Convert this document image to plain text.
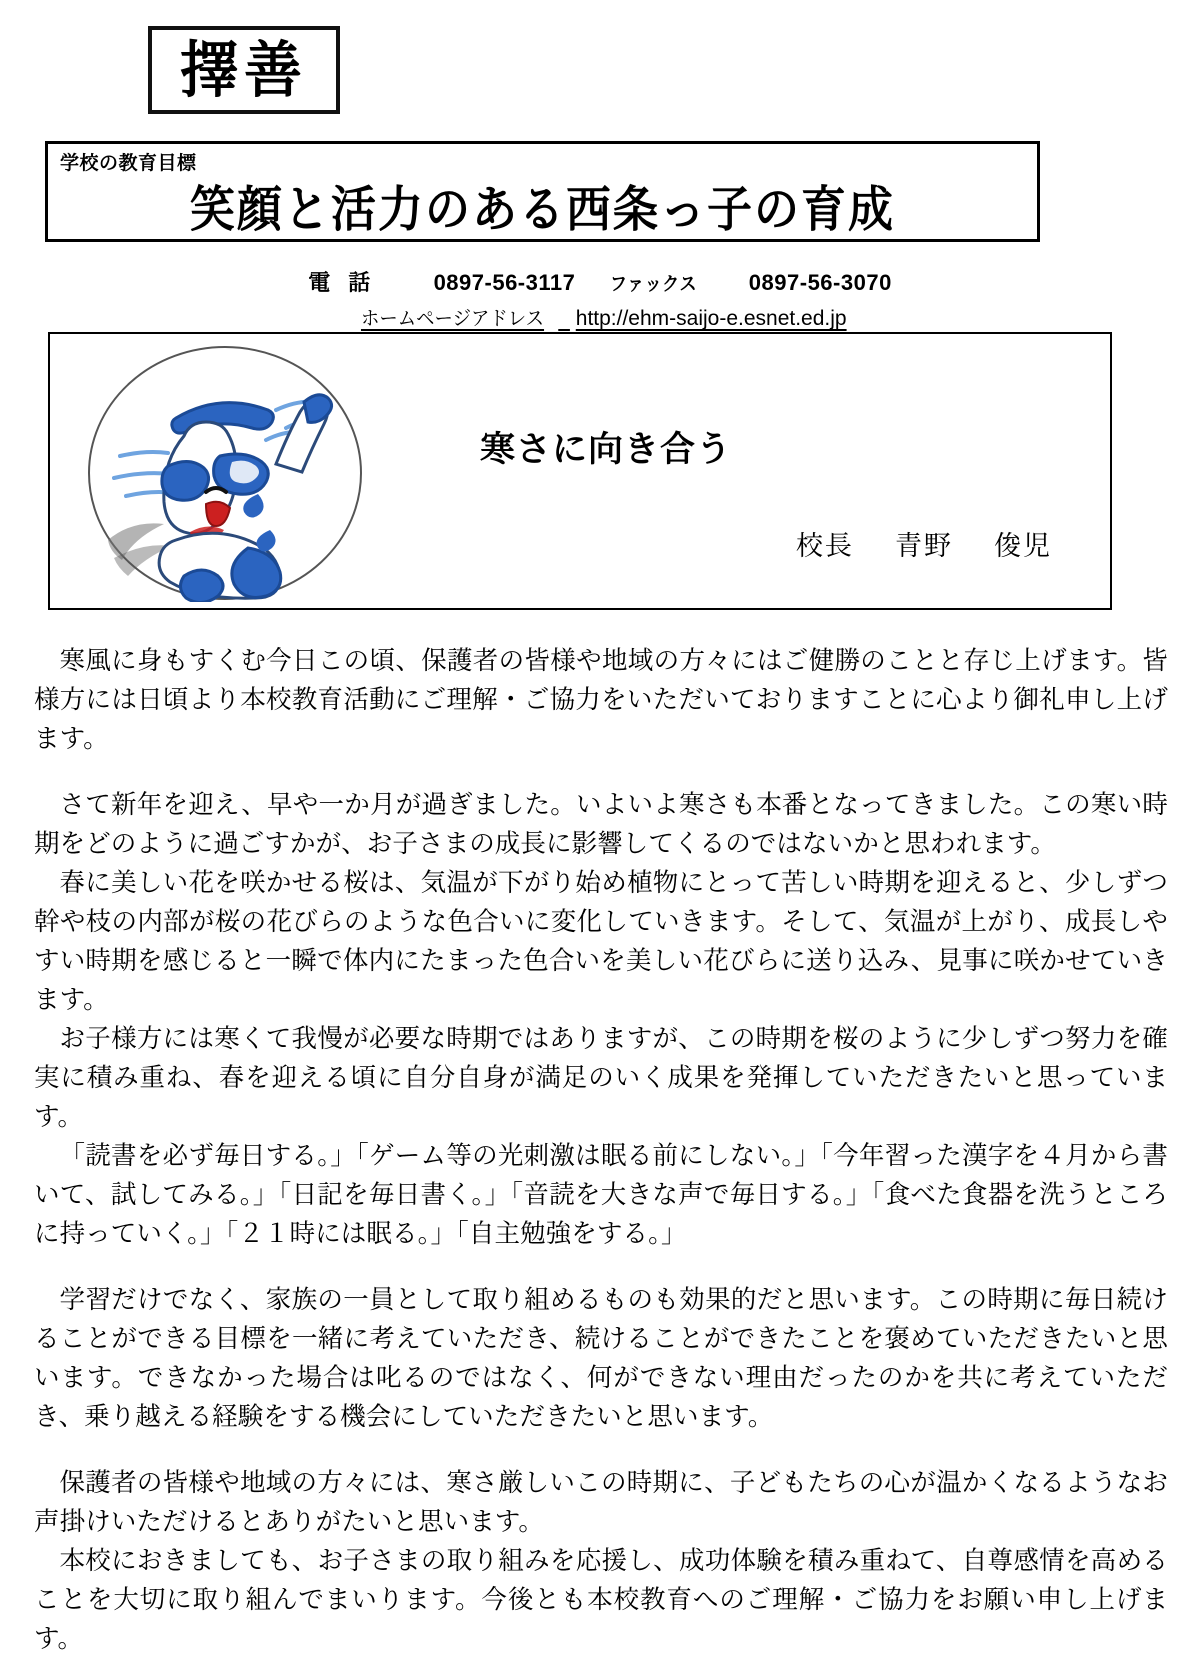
擇善
学校の教育目標
笑顔と活力のある西条っ子の育成
電 話	0897-56-3117 ファックス 0897-56-3070
ホームページアドレス http://ehm-saijo-e.esnet.ed.jp
寒さに向き合う
校長 青野 俊児

寒風に身もすくむ今日この頃、保護者の皆様や地域の方々にはご健勝のことと存じ上げます。皆様方には日頃より本校教育活動にご理解・ご協力をいただいておりますことに心より御礼申し上げます。

さて新年を迎え、早や一か月が過ぎました。いよいよ寒さも本番となってきました。この寒い時期をどのように過ごすかが、お子さまの成長に影響してくるのではないかと思われます。

春に美しい花を咲かせる桜は、気温が下がり始め植物にとって苦しい時期を迎えると、少しずつ幹や枝の内部が桜の花びらのような色合いに変化していきます。そして、気温が上がり、成長しやすい時期を感じると一瞬で体内にたまった色合いを美しい花びらに送り込み、見事に咲かせていきます。

お子様方には寒くて我慢が必要な時期ではありますが、この時期を桜のように少しずつ努力を確実に積み重ね、春を迎える頃に自分自身が満足のいく成果を発揮していただきたいと思っています。

「読書を必ず毎日する。」「ゲーム等の光刺激は眠る前にしない。」「今年習った漢字を４月から書いて、試してみる。」「日記を毎日書く。」「音読を大きな声で毎日する。」「食べた食器を洗うところに持っていく。」「２１時には眠る。」「自主勉強をする。」

学習だけでなく、家族の一員として取り組めるものも効果的だと思います。この時期に毎日続けることができる目標を一緒に考えていただき、続けることができたことを褒めていただきたいと思います。できなかった場合は叱るのではなく、何ができない理由だったのかを共に考えていただき、乗り越える経験をする機会にしていただきたいと思います。

保護者の皆様や地域の方々には、寒さ厳しいこの時期に、子どもたちの心が温かくなるようなお声掛けいただけるとありがたいと思います。

本校におきましても、お子さまの取り組みを応援し、成功体験を積み重ねて、自尊感情を高めることを大切に取り組んでまいります。今後とも本校教育へのご理解・ご協力をお願い申し上げます。
